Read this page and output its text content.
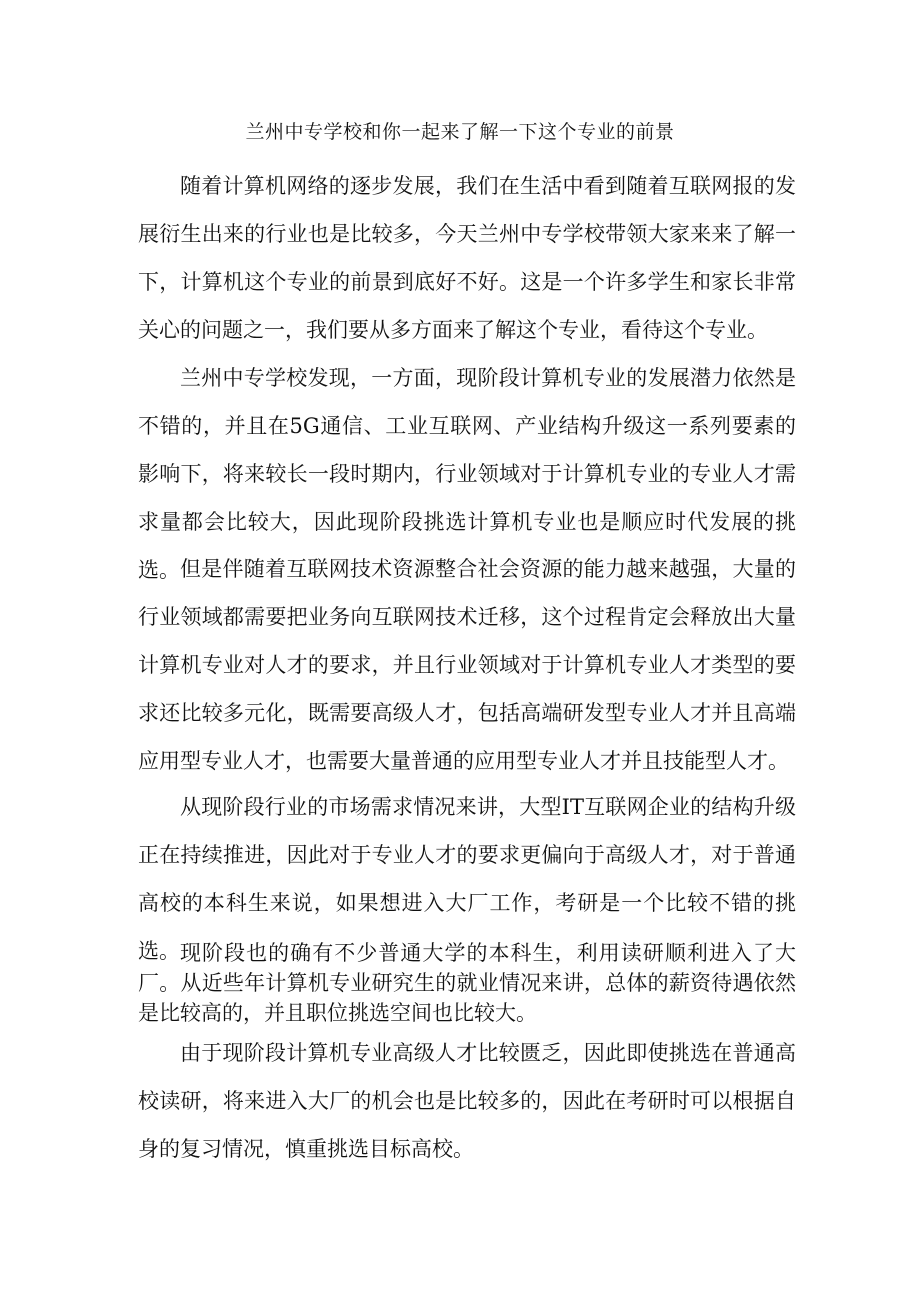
兰州中专学校和你一起来了解一下这个专业的前景

随着计算机网络的逐步发展，我们在生活中看到随着互联网报的发展衍生出来的行业也是比较多，今天兰州中专学校带领大家来来了解一下，计算机这个专业的前景到底好不好。这是一个许多学生和家长非常关心的问题之一，我们要从多方面来了解这个专业，看待这个专业。

兰州中专学校发现，一方面，现阶段计算机专业的发展潜力依然是不错的，并且在5G通信、工业互联网、产业结构升级这一系列要素的影响下，将来较长一段时期内，行业领域对于计算机专业的专业人才需求量都会比较大，因此现阶段挑选计算机专业也是顺应时代发展的挑选。 但是伴随着互联网技术资源整合社会资源的能力越来越强，大量的行业领域都需要把业务向互联网技术迁移，这个过程肯定会释放出大量计算机专业对人才的要求，并且行业领域对于计算机专业人才类型的要求还比较多元化，既需要高级人才，包括高端研发型专业人才并且高端应用型专业人才，也需要大量普通的应用型专业人才并且技能型人才。

从现阶段行业的市场需求情况来讲，大型IT互联网企业的结构升级正在持续推进，因此对于专业人才的要求更偏向于高级人才，对于普通高校的本科生来说，如果想进入大厂工作，考研是一个比较不错的挑选。 现阶段也的确有不少普通大学的本科生，利用读研顺利进入了大厂。从近些年计算机专业研究生的就业情况来讲，总体的薪资待遇依然是比较高的，并且职位挑选空间也比较大。

由于现阶段计算机专业高级人才比较匮乏，因此即使挑选在普通高校读研，将来进入大厂的机会也是比较多的，因此在考研时可以根据自身的复习情况，慎重挑选目标高校。
